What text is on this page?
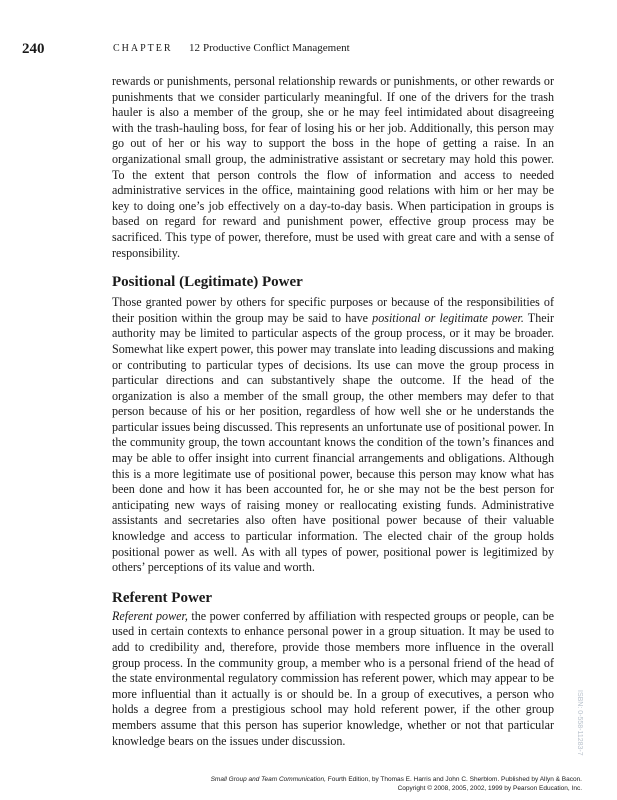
240	CHAPTER 12 Productive Conflict Management

rewards or punishments, personal relationship rewards or punishments, or other rewards or punishments that we consider particularly meaningful. If one of the drivers for the trash hauler is also a member of the group, she or he may feel intimidated about disagreeing with the trash-hauling boss, for fear of losing his or her job. Additionally, this person may go out of her or his way to support the boss in the hope of getting a raise. In an organizational small group, the administrative assistant or secretary may hold this power. To the extent that person controls the flow of information and access to needed administrative services in the office, maintaining good relations with him or her may be key to doing one’s job effectively on a day-to-day basis. When participation in groups is based on regard for reward and punishment power, effective group process may be sacrificed. This type of power, therefore, must be used with great care and with a sense of responsibility.

Positional (Legitimate) Power

Those granted power by others for specific purposes or because of the responsibilities of their position within the group may be said to have positional or legitimate power. Their authority may be limited to particular aspects of the group process, or it may be broader. Somewhat like expert power, this power may translate into leading discussions and making or contributing to particular types of decisions. Its use can move the group process in particular directions and can substantively shape the outcome. If the head of the organization is also a member of the small group, the other members may defer to that person because of his or her position, regardless of how well she or he understands the particular issues being discussed. This represents an unfortunate use of positional power. In the community group, the town accountant knows the condition of the town’s finances and may be able to offer insight into current financial arrangements and obligations. Although this is a more legitimate use of positional power, because this person may know what has been done and how it has been accounted for, he or she may not be the best person for anticipating new ways of raising money or reallocating existing funds. Administrative assistants and secretaries also often have positional power because of their valuable knowledge and access to particular information. The elected chair of the group holds positional power as well. As with all types of power, positional power is legitimized by others’ perceptions of its value and worth.

Referent Power

Referent power, the power conferred by affiliation with respected groups or people, can be used in certain contexts to enhance personal power in a group situation. It may be used to add to credibility and, therefore, provide those members more influence in the overall group process. In the community group, a member who is a personal friend of the head of the state environmental regulatory commission has referent power, which may appear to be more influential than it actually is or should be. In a group of executives, a person who holds a degree from a prestigious school may hold referent power, if the other group members assume that this person has superior knowledge, whether or not that particular knowledge bears on the issues under discussion.	ISBN: 0-558-11283-7
Small Group and Team Communication, Fourth Edition, by Thomas E. Harris and John C. Sherblom. Published by Allyn & Bacon.
Copyright © 2008, 2005, 2002, 1999 by Pearson Education, Inc.
